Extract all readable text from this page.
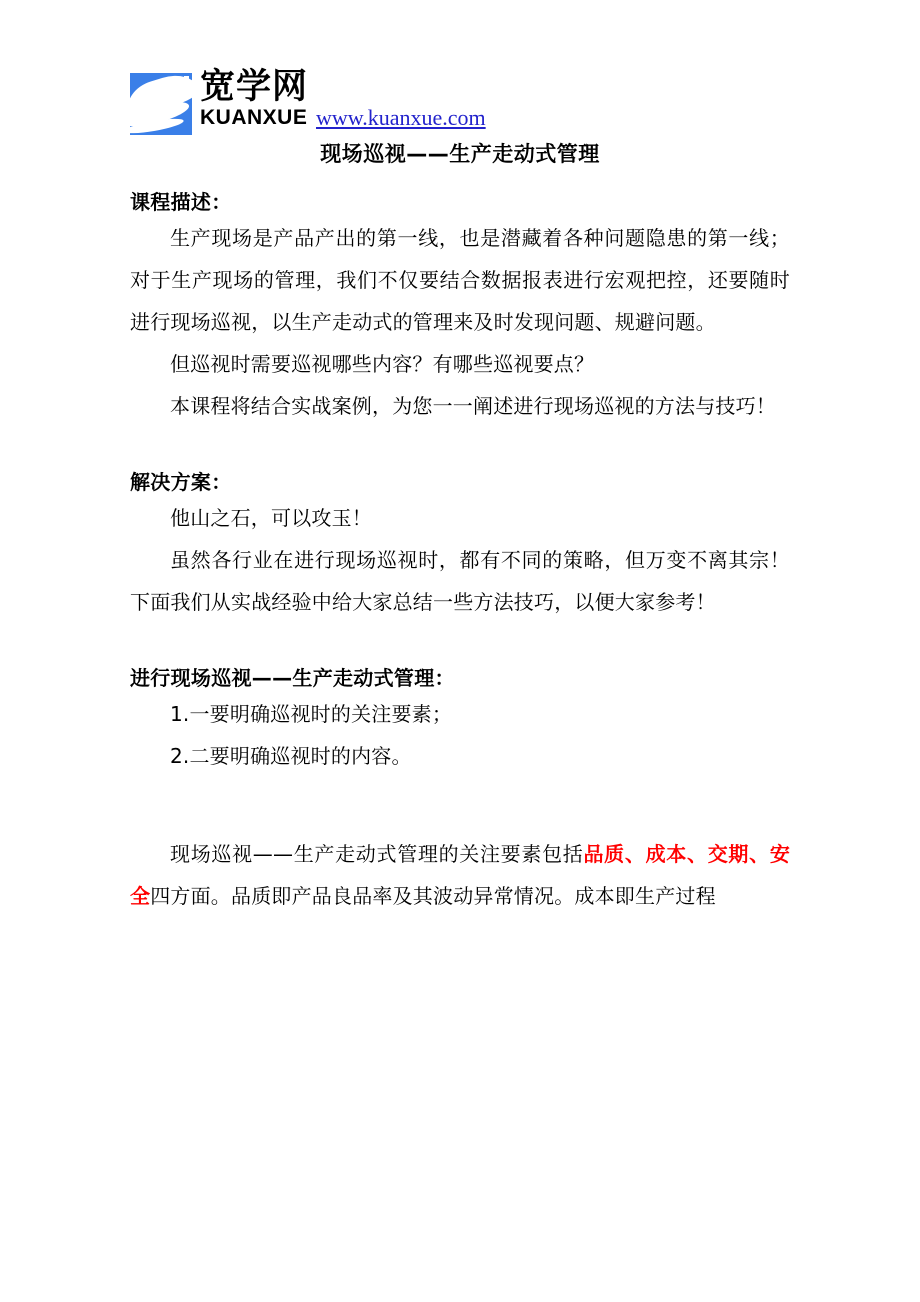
宽学网
KUANXUE www.kuanxue.com
现场巡视——生产走动式管理
课程描述：

生产现场是产品产出的第一线，也是潜藏着各种问题隐患的第一线；对于生产现场的管理，我们不仅要结合数据报表进行宏观把控，还要随时进行现场巡视，以生产走动式的管理来及时发现问题、规避问题。

但巡视时需要巡视哪些内容？有哪些巡视要点？

本课程将结合实战案例，为您一一阐述进行现场巡视的方法与技巧！

解决方案：

他山之石，可以攻玉！

虽然各行业在进行现场巡视时，都有不同的策略，但万变不离其宗！下面我们从实战经验中给大家总结一些方法技巧，以便大家参考！

进行现场巡视——生产走动式管理：

1.一要明确巡视时的关注要素；

2.二要明确巡视时的内容。

现场巡视——生产走动式管理的关注要素包括品质、成本、交期、安全四方面。品质即产品良品率及其波动异常情况。成本即生产过程
